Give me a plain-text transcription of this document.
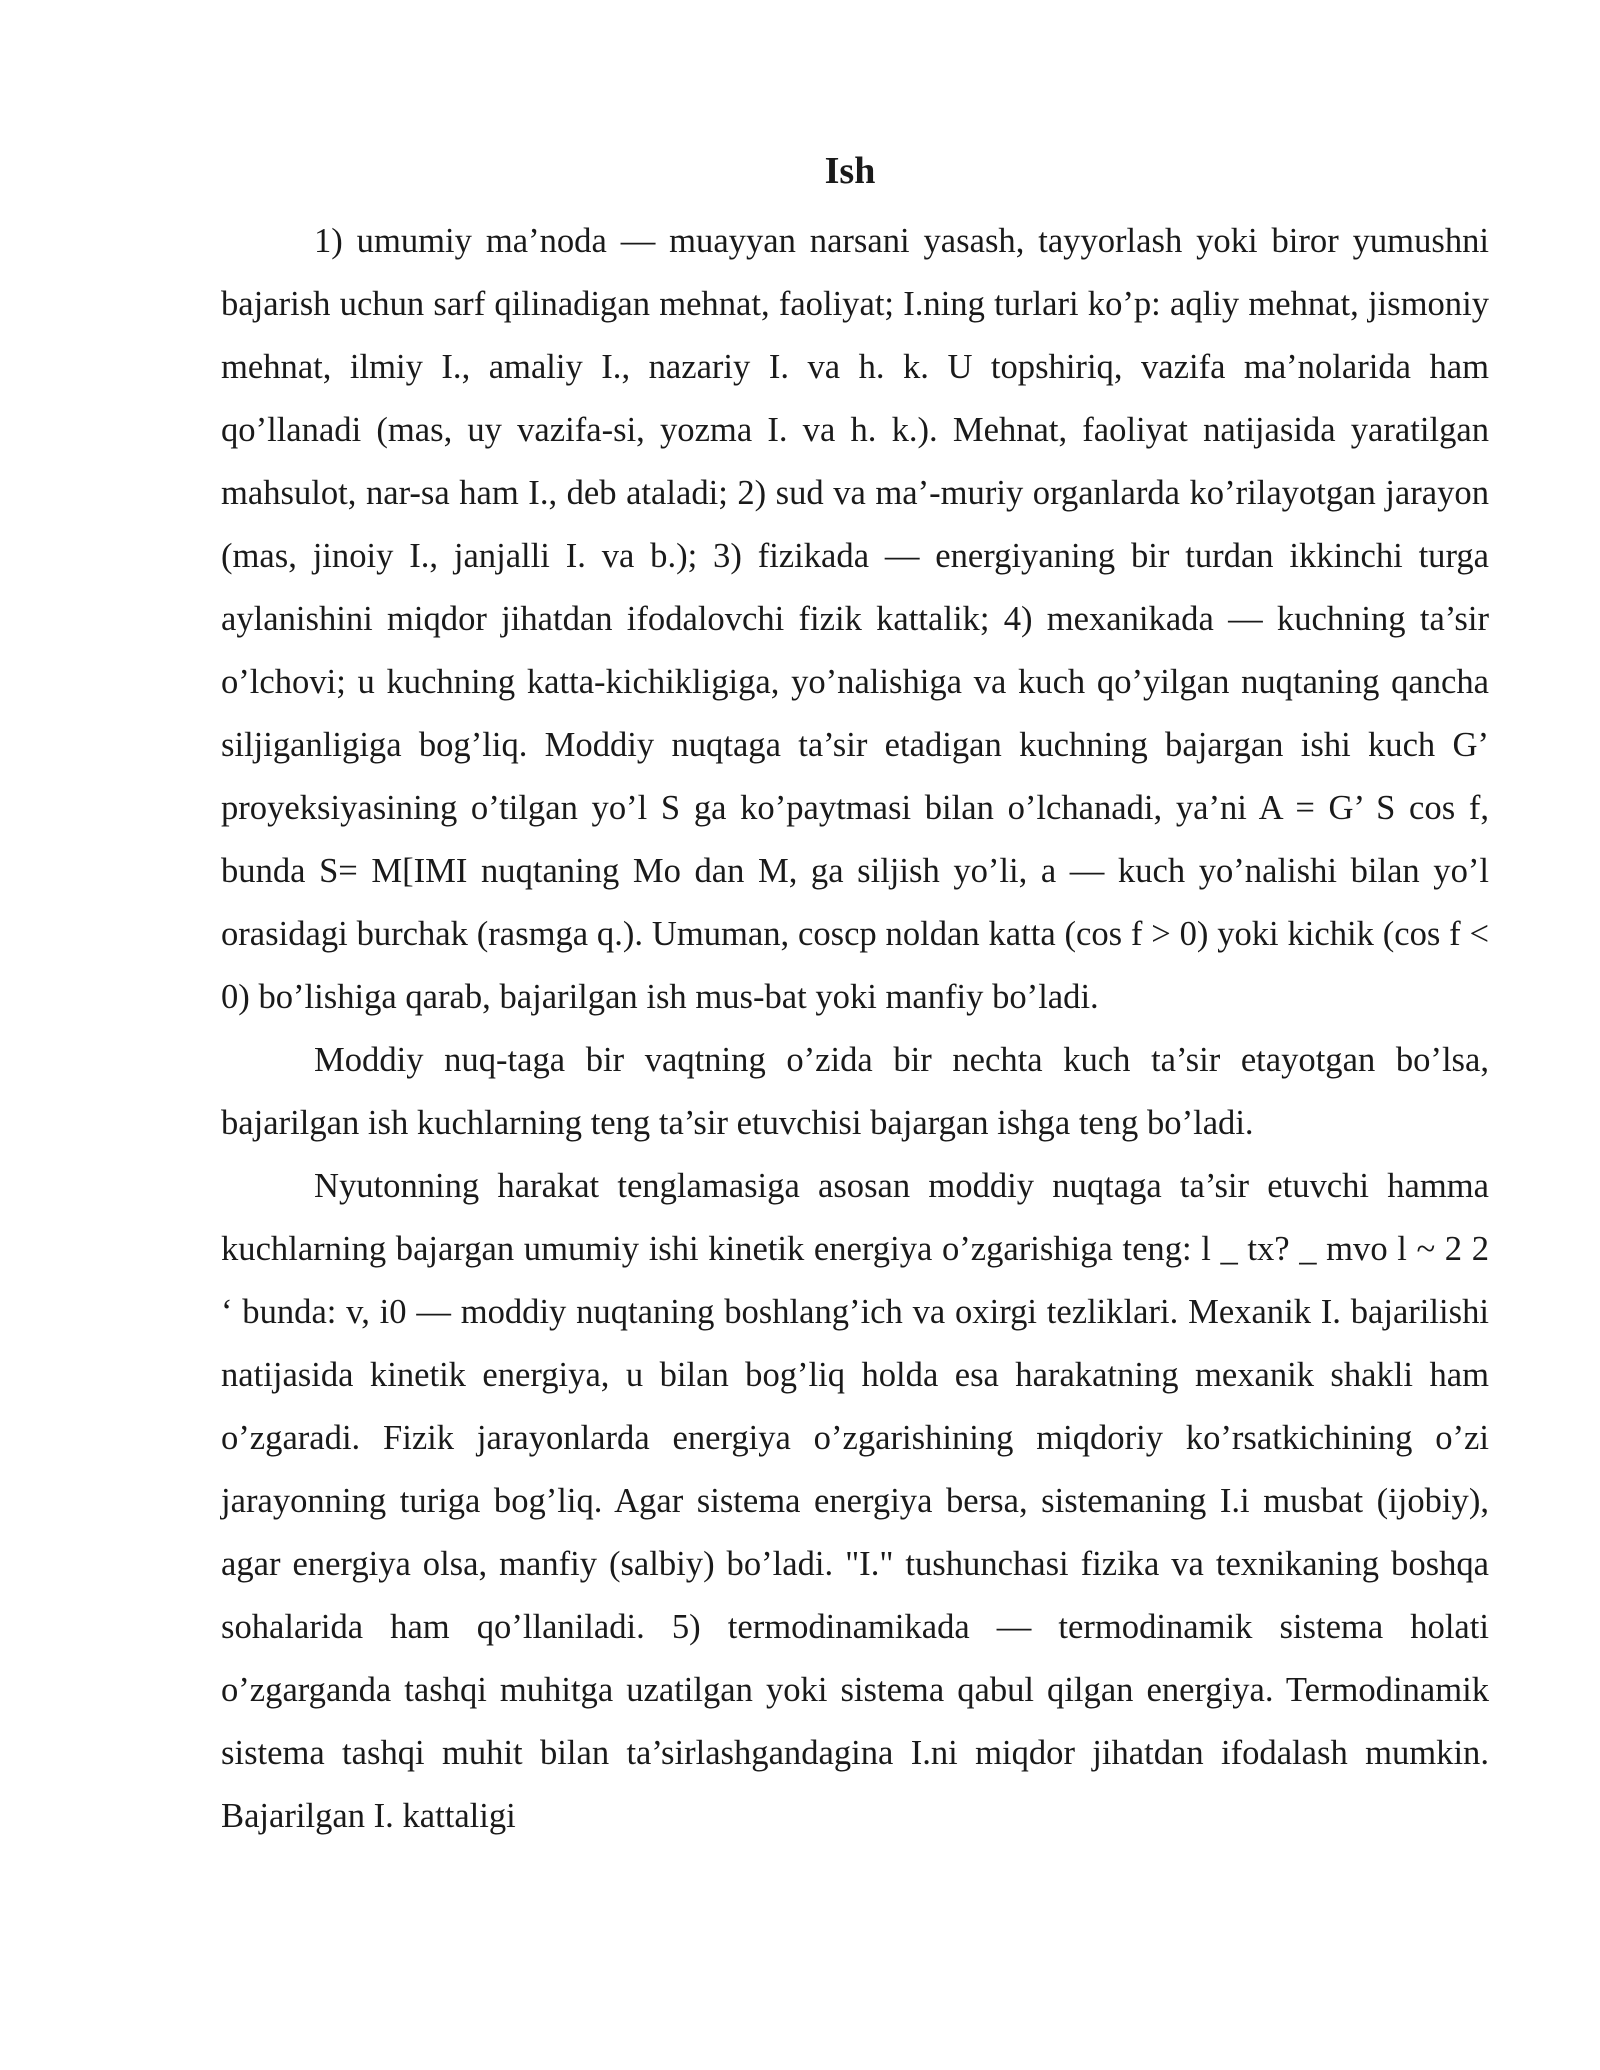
Ish

1) umumiy ma’noda — muayyan narsani yasash, tayyorlash yoki biror yumushni bajarish uchun sarf qilinadigan mehnat, faoliyat; I.ning turlari ko’p: aqliy mehnat, jismoniy mehnat, ilmiy I., amaliy I., nazariy I. va h. k. U topshiriq, vazifa ma’nolarida ham qo’llanadi (mas, uy vazifa-si, yozma I. va h. k.). Mehnat, faoliyat natijasida yaratilgan mahsulot, nar-sa ham I., deb ataladi; 2) sud va ma’-muriy organlarda ko’rilayotgan jarayon (mas, jinoiy I., janjalli I. va b.); 3) fizikada — energiyaning bir turdan ikkinchi turga aylanishini miqdor jihatdan ifodalovchi fizik kattalik; 4) mexanikada — kuchning ta’sir o’lchovi; u kuchning katta-kichikligiga, yo’nalishiga va kuch qo’yilgan nuqtaning qancha siljiganligiga bog’liq. Moddiy nuqtaga ta’sir etadigan kuchning bajargan ishi kuch G’ proyeksiyasining o’tilgan yo’l S ga ko’paytmasi bilan o’lchanadi, ya’ni A = G’ S cos f, bunda S= M[IMI nuqtaning Mo dan M, ga siljish yo’li, a — kuch yo’nalishi bilan yo’l orasidagi burchak (rasmga q.). Umuman, coscp noldan katta (cos f > 0) yoki kichik (cos f < 0) bo’lishiga qarab, bajarilgan ish mus-bat yoki manfiy bo’ladi.

Moddiy nuq-taga bir vaqtning o’zida bir nechta kuch ta’sir etayotgan bo’lsa, bajarilgan ish kuchlarning teng ta’sir etuvchisi bajargan ishga teng bo’ladi.

Nyutonning harakat tenglamasiga asosan moddiy nuqtaga ta’sir etuvchi hamma kuchlarning bajargan umumiy ishi kinetik energiya o’zgarishiga teng: l _ tx? _ mvo l ~ 2 2 ‘ bunda: v, i0 — moddiy nuqtaning boshlang’ich va oxirgi tezliklari. Mexanik I. bajarilishi natijasida kinetik energiya, u bilan bog’liq holda esa harakatning mexanik shakli ham o’zgaradi. Fizik jarayonlarda energiya o’zgarishining miqdoriy ko’rsatkichining o’zi jarayonning turiga bog’liq. Agar sistema energiya bersa, sistemaning I.i musbat (ijobiy), agar energiya olsa, manfiy (salbiy) bo’ladi. "I." tushunchasi fizika va texnikaning boshqa sohalarida ham qo’llaniladi. 5) termodinamikada — termodinamik sistema holati o’zgarganda tashqi muhitga uzatilgan yoki sistema qabul qilgan energiya. Termodinamik sistema tashqi muhit bilan ta’sirlashgandagina I.ni miqdor jihatdan ifodalash mumkin. Bajarilgan I. kattaligi
